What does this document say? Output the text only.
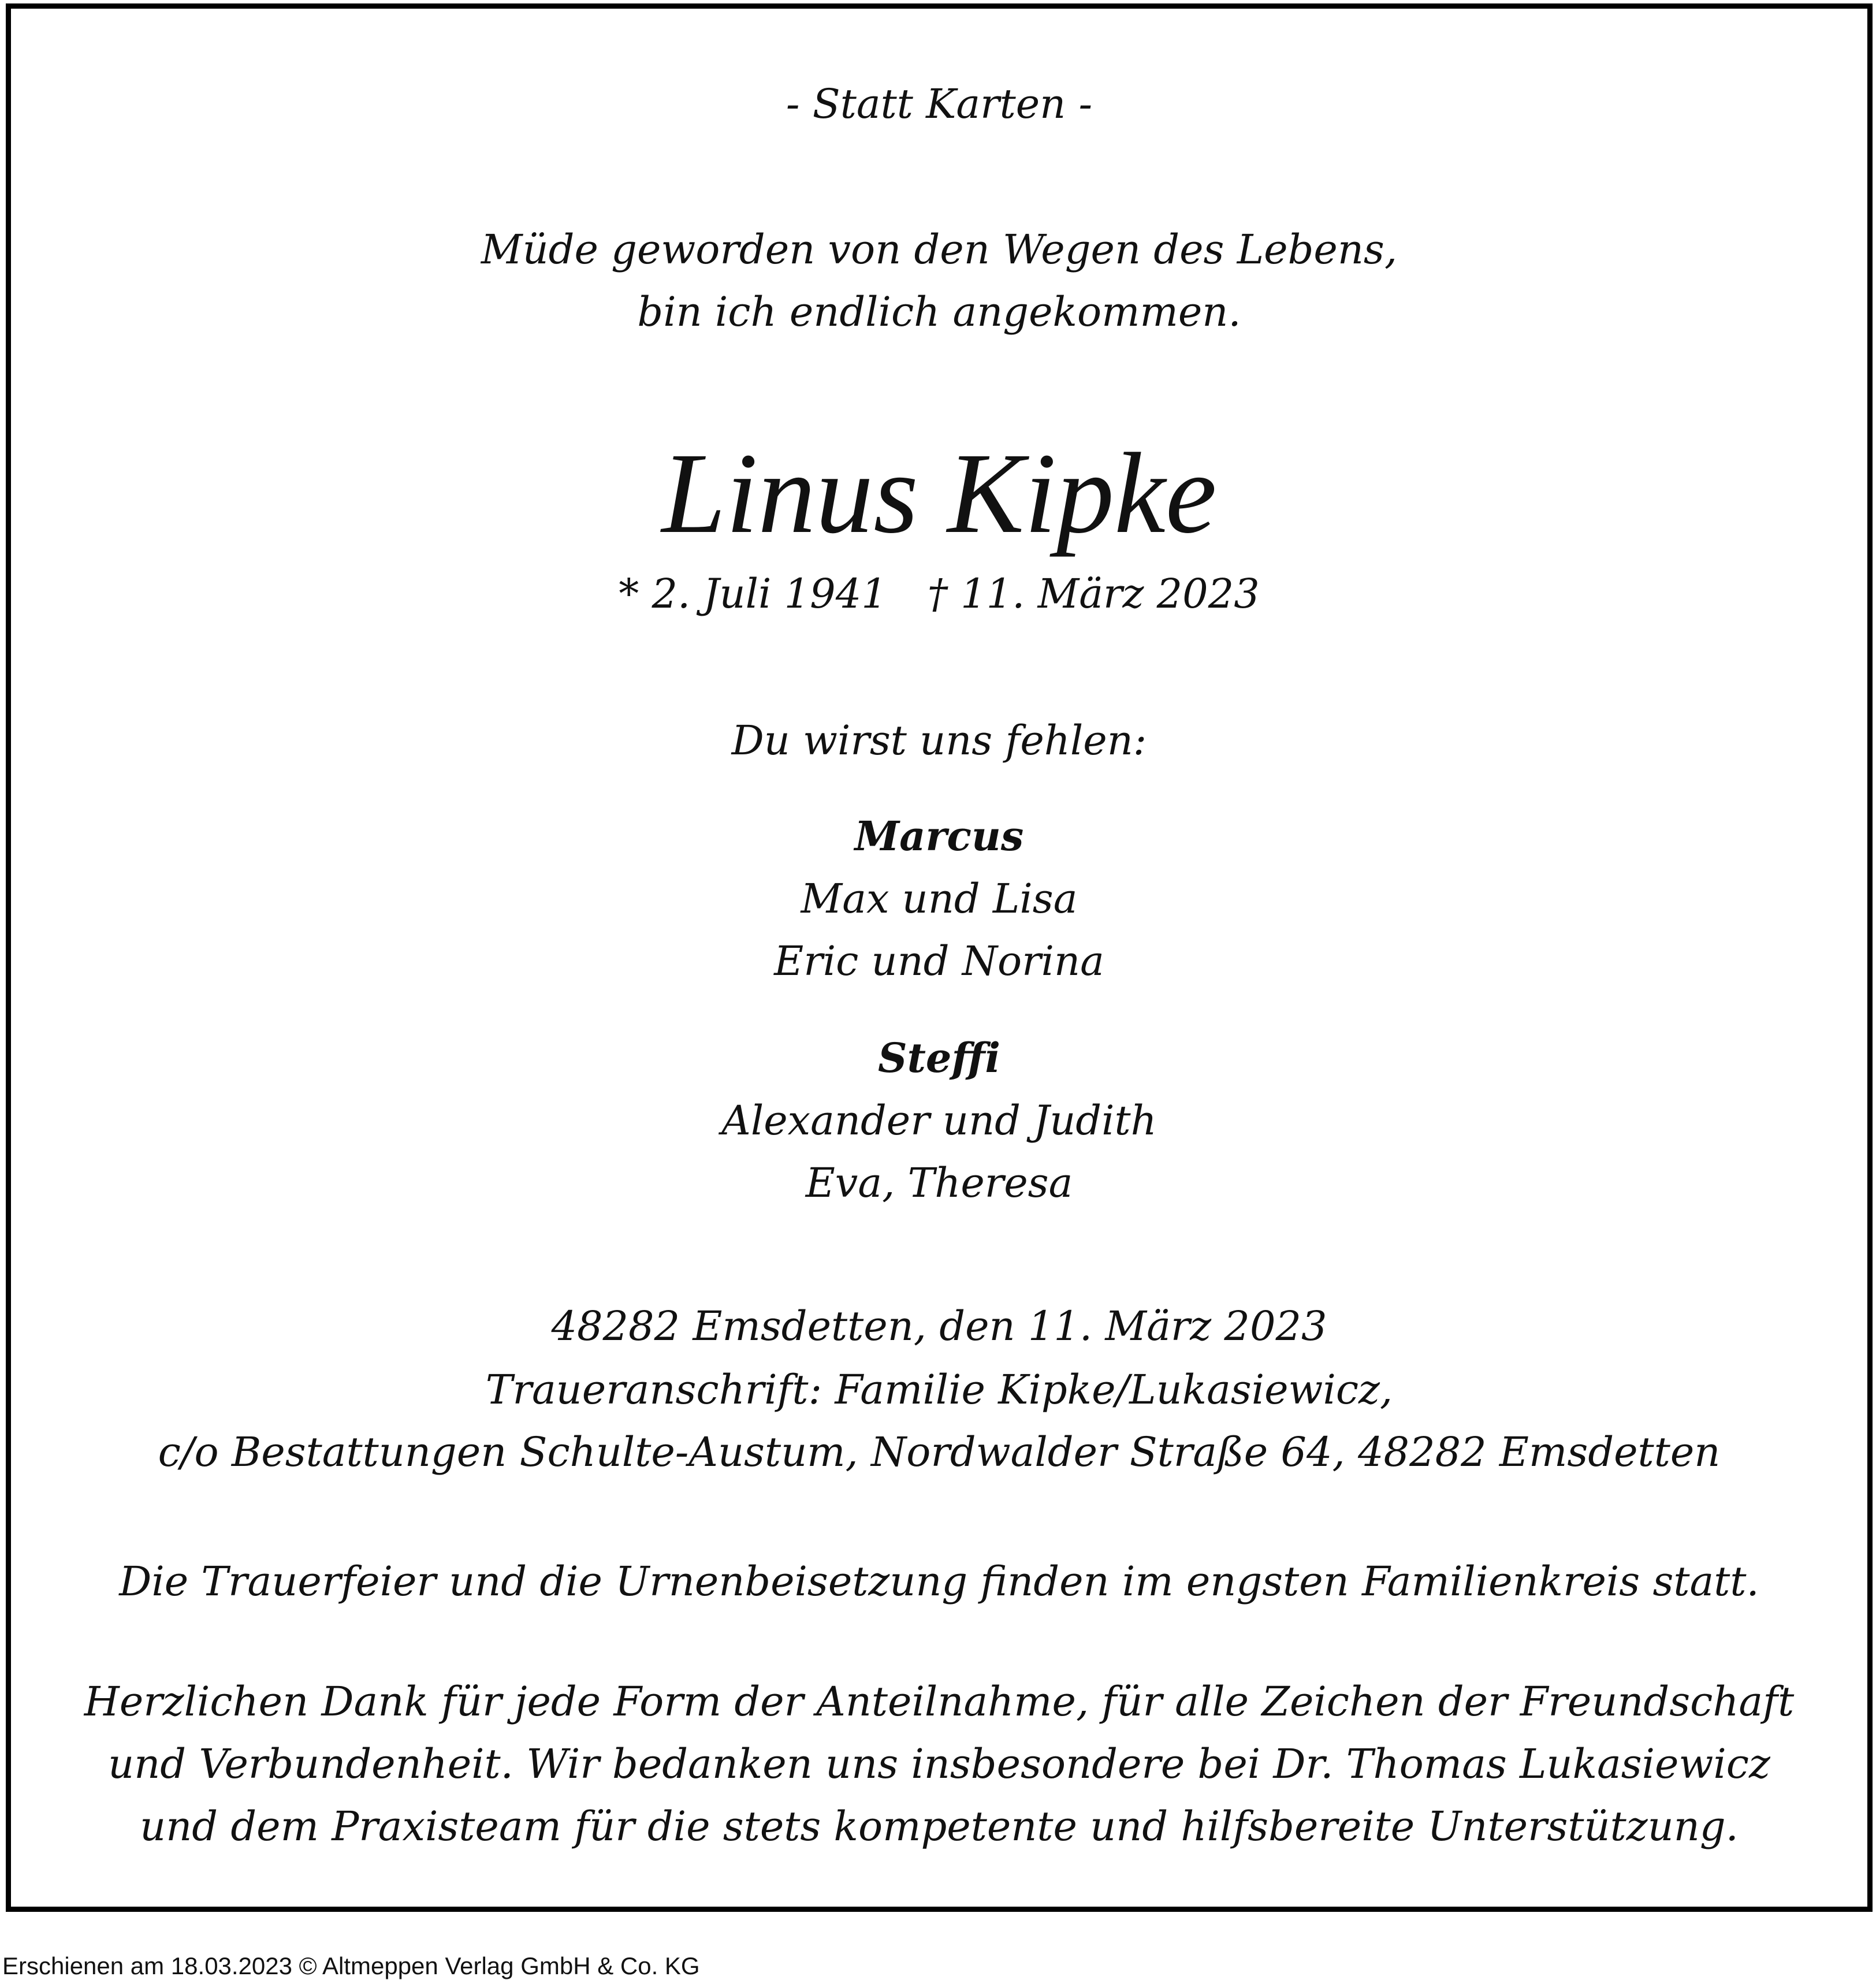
- Statt Karten -
Müde geworden von den Wegen des Lebens,
bin ich endlich angekommen.
Linus Kipke
* 2. Juli 1941 † 11. März 2023
Du wirst uns fehlen:
Marcus
Max und Lisa
Eric und Norina
Steffi
Alexander und Judith
Eva, Theresa
48282 Emsdetten, den 11. März 2023
Traueranschrift: Familie Kipke/Lukasiewicz,
c/o Bestattungen Schulte-Austum, Nordwalder Straße 64, 48282 Emsdetten
Die Trauerfeier und die Urnenbeisetzung finden im engsten Familienkreis statt.
Herzlichen Dank für jede Form der Anteilnahme, für alle Zeichen der Freundschaft
und Verbundenheit. Wir bedanken uns insbesondere bei Dr. Thomas Lukasiewicz
und dem Praxisteam für die stets kompetente und hilfsbereite Unterstützung.
Erschienen am 18.03.2023 © Altmeppen Verlag GmbH & Co. KG
